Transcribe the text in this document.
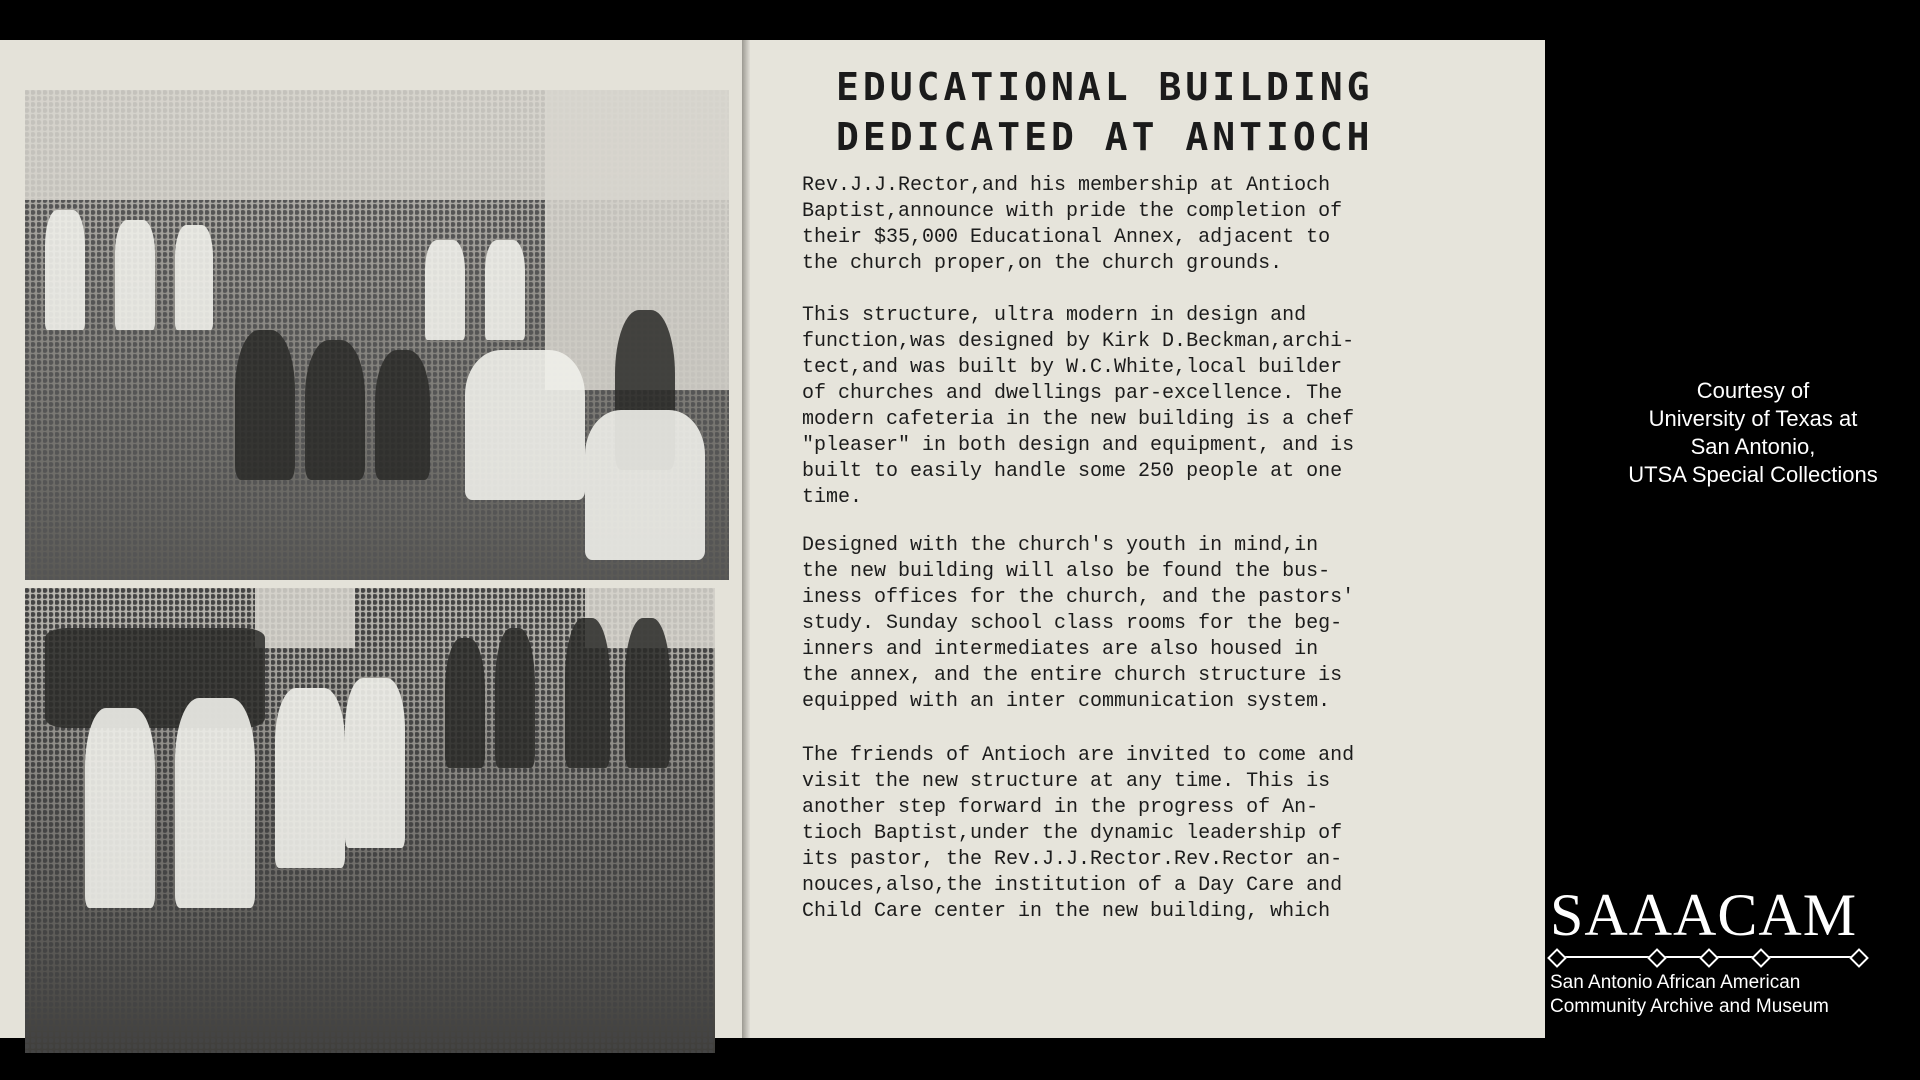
EDUCATIONAL BUILDING
DEDICATED AT ANTIOCH
Rev.J.J.Rector,and his membership at Antioch Baptist,announce with pride the completion of their $35,000 Educational Annex, adjacent to the church proper,on the church grounds.
This structure, ultra modern in design and function,was designed by Kirk D.Beckman,archi-tect,and was built by W.C.White,local builder of churches and dwellings par-excellence. The modern cafeteria in the new building is a chef "pleaser" in both design and equipment, and is built to easily handle some 250 people at one time.
Designed with the church's youth in mind,in the new building will also be found the bus-iness offices for the church, and the pastors' study. Sunday school class rooms for the beg-inners and intermediates are also housed in the annex, and the entire church structure is equipped with an inter communication system.
The friends of Antioch are invited to come and visit the new structure at any time. This is another step forward in the progress of An-tioch Baptist,under the dynamic leadership of its pastor, the Rev.J.J.Rector.Rev.Rector an-nouces,also,the institution of a Day Care and Child Care center in the new building, which
Courtesy of
University of Texas at
San Antonio,
UTSA Special Collections
SAAACAM
San Antonio African American
Community Archive and Museum
